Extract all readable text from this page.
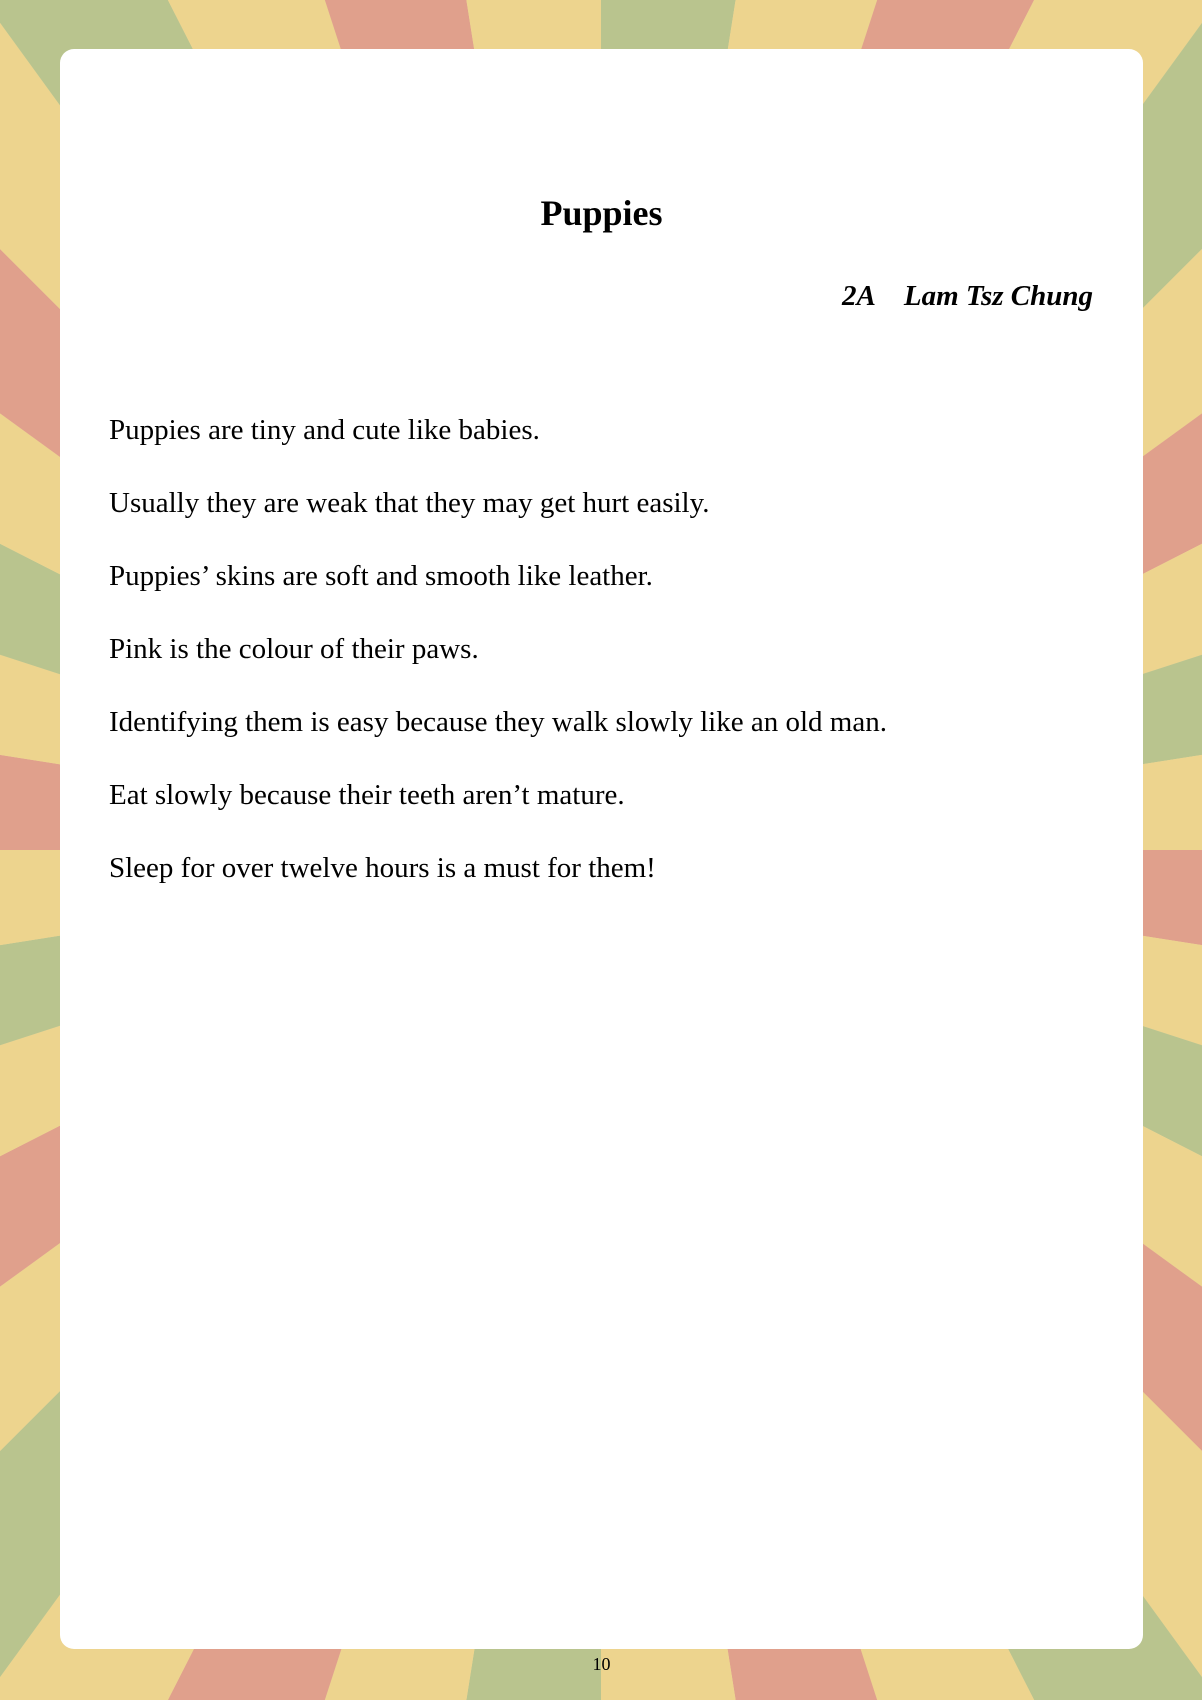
Puppies

2A Lam Tsz Chung

Puppies are tiny and cute like babies.
Usually they are weak that they may get hurt easily.
Puppies’ skins are soft and smooth like leather.
Pink is the colour of their paws.
Identifying them is easy because they walk slowly like an old man.
Eat slowly because their teeth aren’t mature.
Sleep for over twelve hours is a must for them!
10
